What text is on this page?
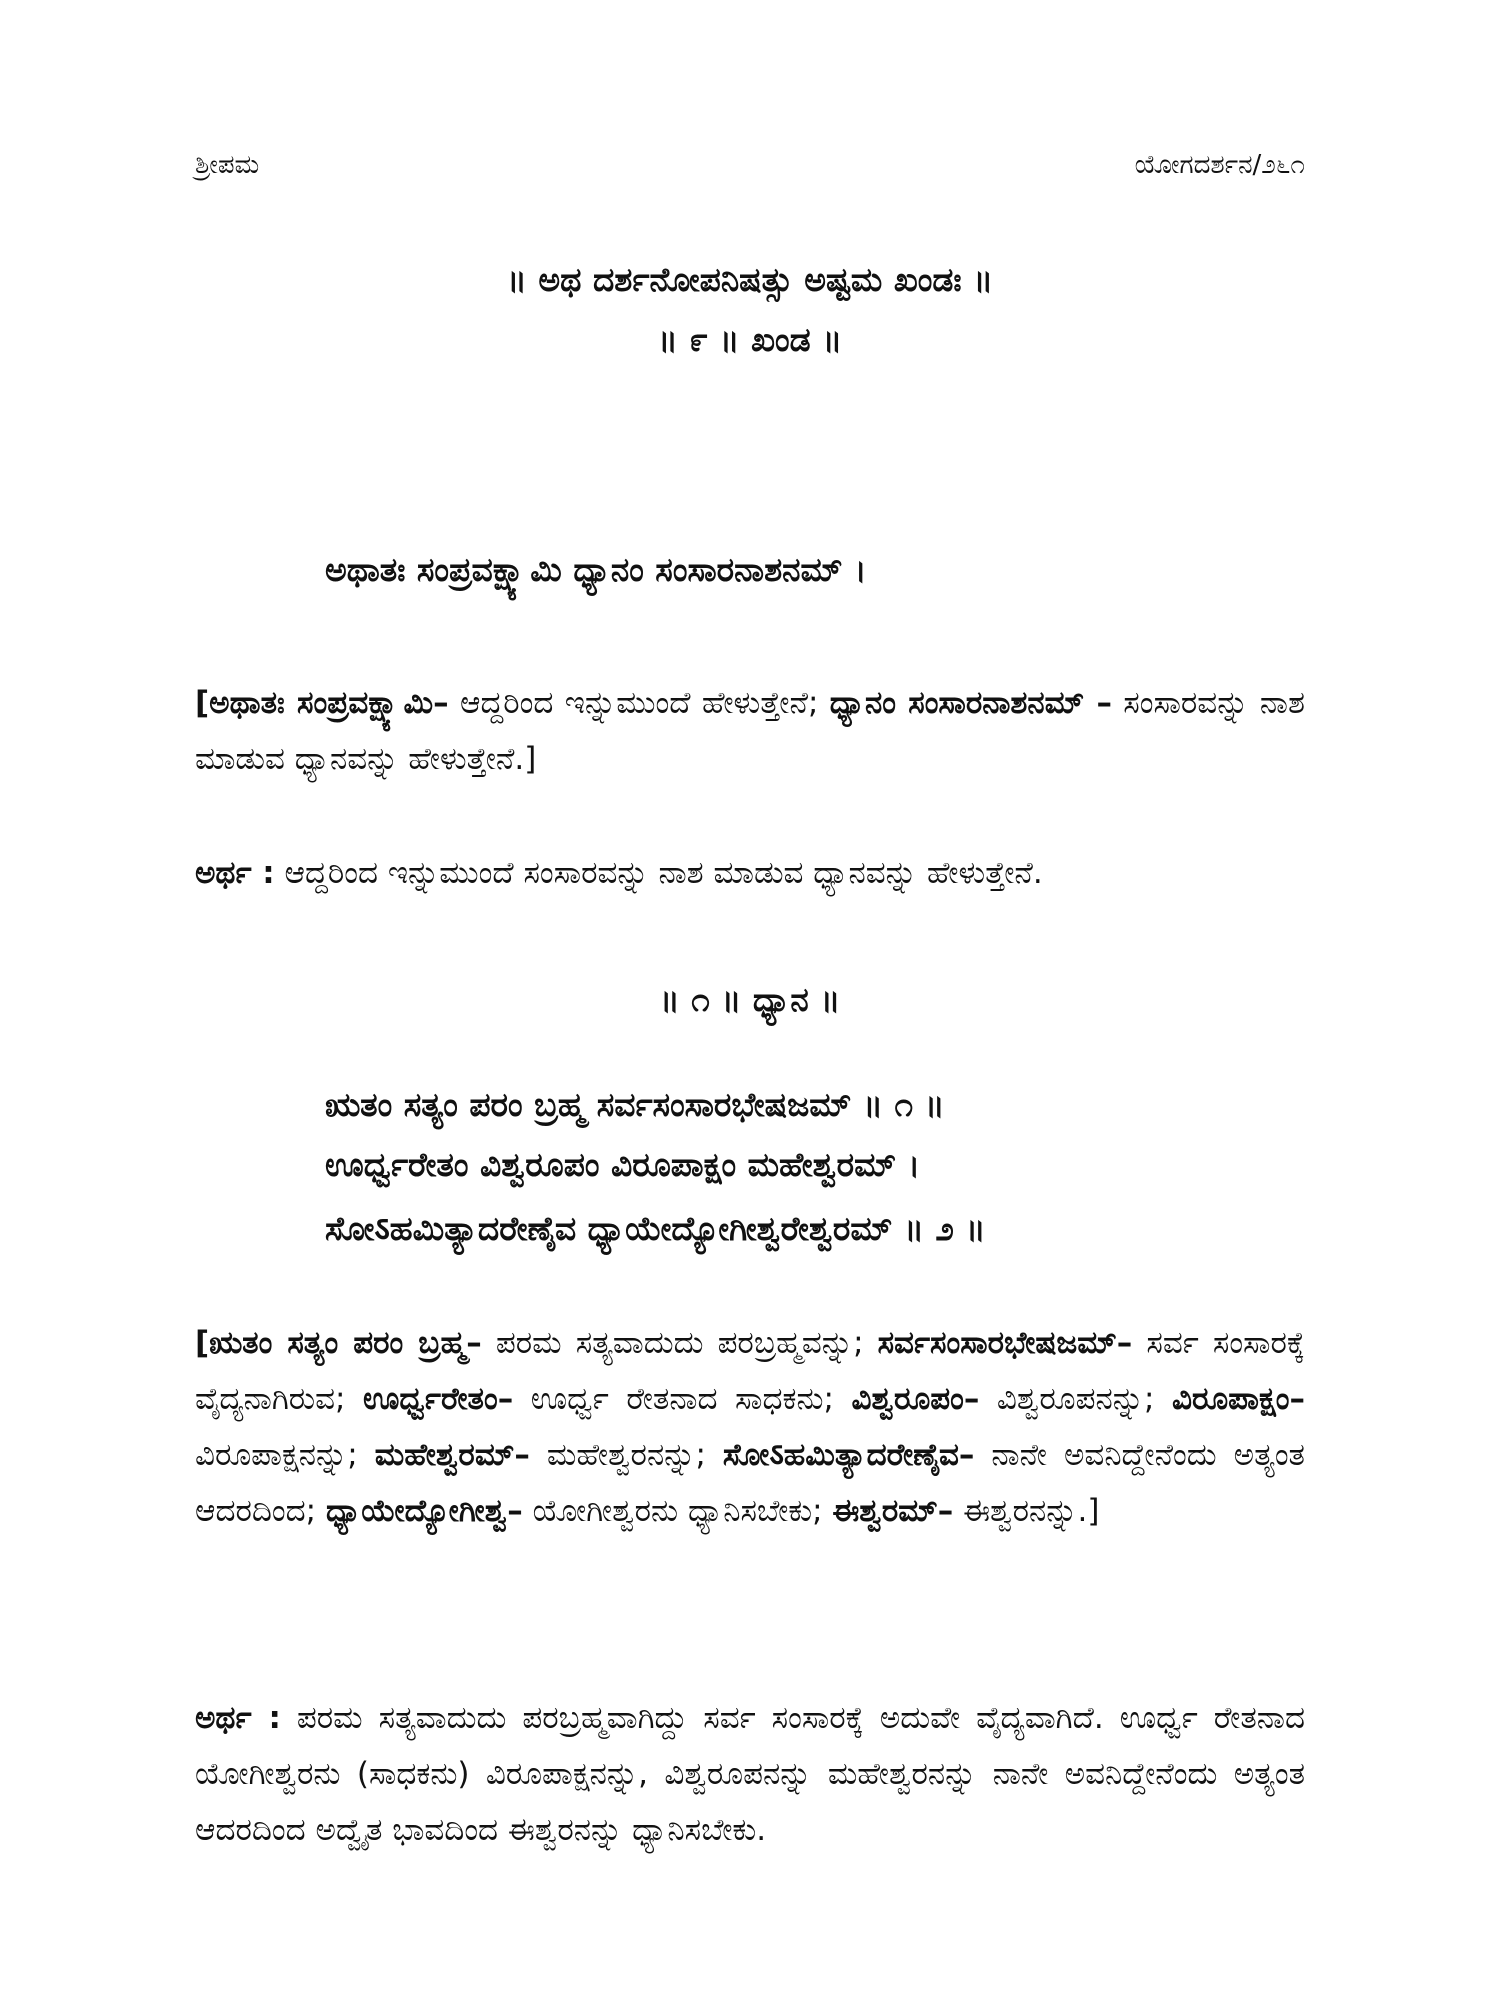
ಶ್ರೀಪಮ	ಯೋಗದರ್ಶನ/೨೬೧
॥ ಅಥ ದರ್ಶನೋಪನಿಷತ್ಸು ಅಷ್ಟಮ ಖಂಡಃ ॥
॥ ೯ ॥ ಖಂಡ ॥
ಅಥಾತಃ ಸಂಪ್ರವಕ್ಷ್ಯಾಮಿ ಧ್ಯಾನಂ ಸಂಸಾರನಾಶನಮ್ ।
[ಅಥಾತಃ ಸಂಪ್ರವಕ್ಷ್ಯಾಮಿ– ಆದ್ದರಿಂದ ಇನ್ನುಮುಂದೆ ಹೇಳುತ್ತೇನೆ; ಧ್ಯಾನಂ ಸಂಸಾರನಾಶನಮ್ – ಸಂಸಾರವನ್ನು ನಾಶ ಮಾಡುವ ಧ್ಯಾನವನ್ನು ಹೇಳುತ್ತೇನೆ.]
ಅರ್ಥ : ಆದ್ದರಿಂದ ಇನ್ನುಮುಂದೆ ಸಂಸಾರವನ್ನು ನಾಶ ಮಾಡುವ ಧ್ಯಾನವನ್ನು ಹೇಳುತ್ತೇನೆ.
॥ ೧ ॥ ಧ್ಯಾನ ॥
ಋತಂ ಸತ್ಯಂ ಪರಂ ಬ್ರಹ್ಮ ಸರ್ವಸಂಸಾರಭೇಷಜಮ್ ॥ ೧ ॥
ಊರ್ಧ್ವರೇತಂ ವಿಶ್ವರೂಪಂ ವಿರೂಪಾಕ್ಷಂ ಮಹೇಶ್ವರಮ್ ।
ಸೋऽಹಮಿತ್ಯಾದರೇಣೈವ ಧ್ಯಾಯೇದ್ಯೋಗೀಶ್ವರೇಶ್ವರಮ್ ॥ ೨ ॥
[ಋತಂ ಸತ್ಯಂ ಪರಂ ಬ್ರಹ್ಮ– ಪರಮ ಸತ್ಯವಾದುದು ಪರಬ್ರಹ್ಮವನ್ನು; ಸರ್ವಸಂಸಾರಭೇಷಜಮ್– ಸರ್ವ ಸಂಸಾರಕ್ಕೆ ವೈದ್ಯನಾಗಿರುವ; ಊರ್ಧ್ವರೇತಂ– ಊರ್ಧ್ವ ರೇತನಾದ ಸಾಧಕನು; ವಿಶ್ವರೂಪಂ– ವಿಶ್ವರೂಪನನ್ನು; ವಿರೂಪಾಕ್ಷಂ– ವಿರೂಪಾಕ್ಷನನ್ನು; ಮಹೇಶ್ವರಮ್– ಮಹೇಶ್ವರನನ್ನು; ಸೋऽಹಮಿತ್ಯಾದರೇಣೈವ– ನಾನೇ ಅವನಿದ್ದೇನೆಂದು ಅತ್ಯಂತ ಆದರದಿಂದ; ಧ್ಯಾಯೇದ್ಯೋಗೀಶ್ವ– ಯೋಗೀಶ್ವರನು ಧ್ಯಾನಿಸಬೇಕು; ಈಶ್ವರಮ್– ಈಶ್ವರನನ್ನು.]
ಅರ್ಥ : ಪರಮ ಸತ್ಯವಾದುದು ಪರಬ್ರಹ್ಮವಾಗಿದ್ದು ಸರ್ವ ಸಂಸಾರಕ್ಕೆ ಅದುವೇ ವೈದ್ಯವಾಗಿದೆ. ಊರ್ಧ್ವ ರೇತನಾದ ಯೋಗೀಶ್ವರನು (ಸಾಧಕನು) ವಿರೂಪಾಕ್ಷನನ್ನು, ವಿಶ್ವರೂಪನನ್ನು ಮಹೇಶ್ವರನನ್ನು ನಾನೇ ಅವನಿದ್ದೇನೆಂದು ಅತ್ಯಂತ ಆದರದಿಂದ ಅದ್ವೈತ ಭಾವದಿಂದ ಈಶ್ವರನನ್ನು ಧ್ಯಾನಿಸಬೇಕು.
